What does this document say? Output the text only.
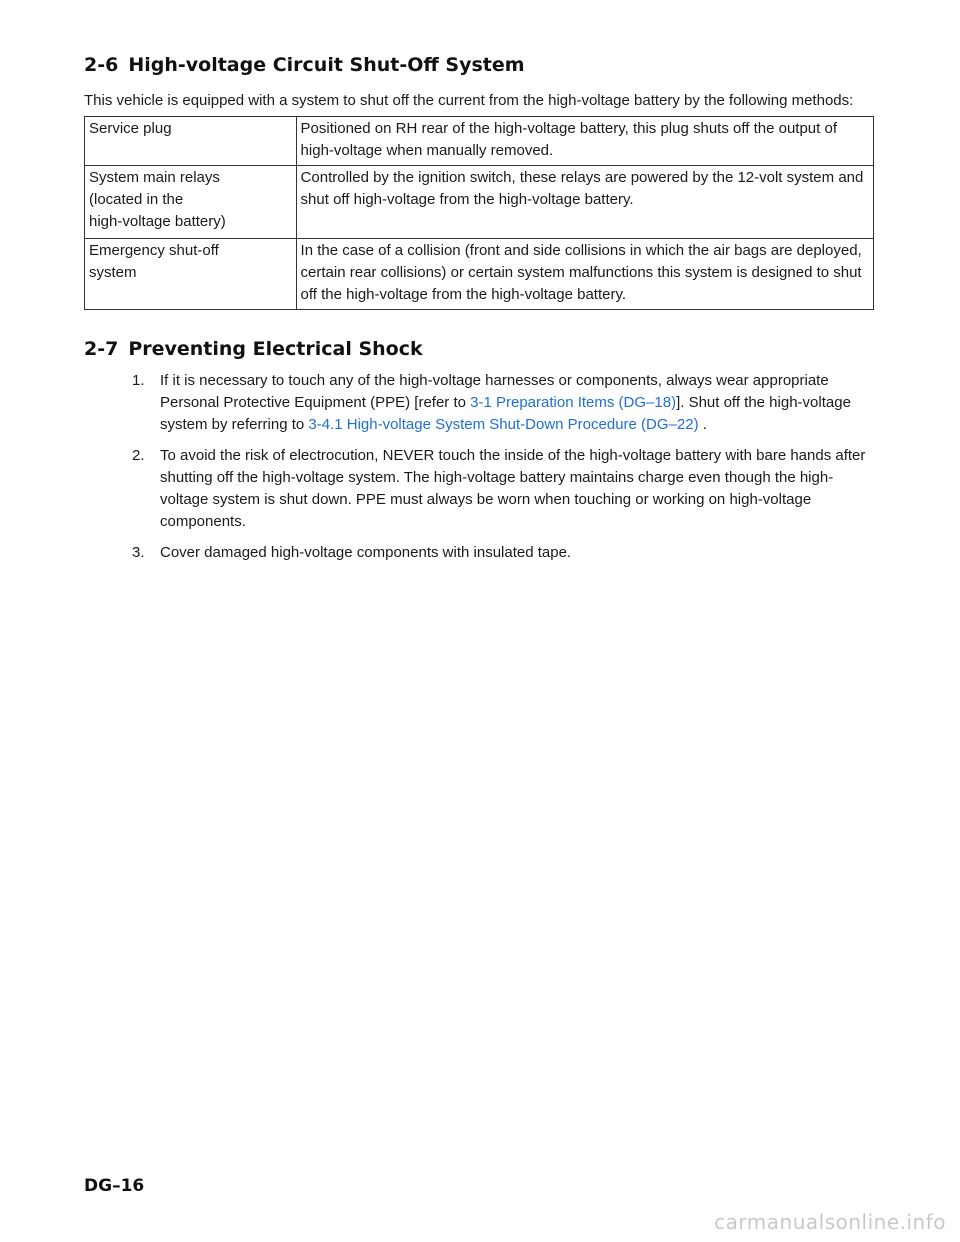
2-6 High-voltage Circuit Shut-Off System

This vehicle is equipped with a system to shut off the current from the high-voltage battery by the following methods:

Service plug	Positioned on RH rear of the high-voltage battery, this plug shuts off the output of high-voltage when manually removed.
System main relays
(located in the
high-voltage battery)	Controlled by the ignition switch, these relays are powered by the 12-volt system and shut off high-voltage from the high-voltage battery.
Emergency shut-off
system	In the case of a collision (front and side collisions in which the air bags are deployed, certain rear collisions) or certain system malfunctions this system is designed to shut off the high-voltage from the high-voltage battery.
2-7 Preventing Electrical Shock
1. If it is necessary to touch any of the high-voltage harnesses or components, always wear appropriate Personal Protective Equipment (PPE) [refer to 3-1 Preparation Items (DG–18)]. Shut off the high-voltage system by referring to 3-4.1 High-voltage System Shut-Down Procedure (DG–22) .
2. To avoid the risk of electrocution, NEVER touch the inside of the high-voltage battery with bare hands after shutting off the high-voltage system. The high-voltage battery maintains charge even though the high-voltage system is shut down. PPE must always be worn when touching or working on high-voltage components.
3. Cover damaged high-voltage components with insulated tape.
DG–16
carmanualsonline.info
